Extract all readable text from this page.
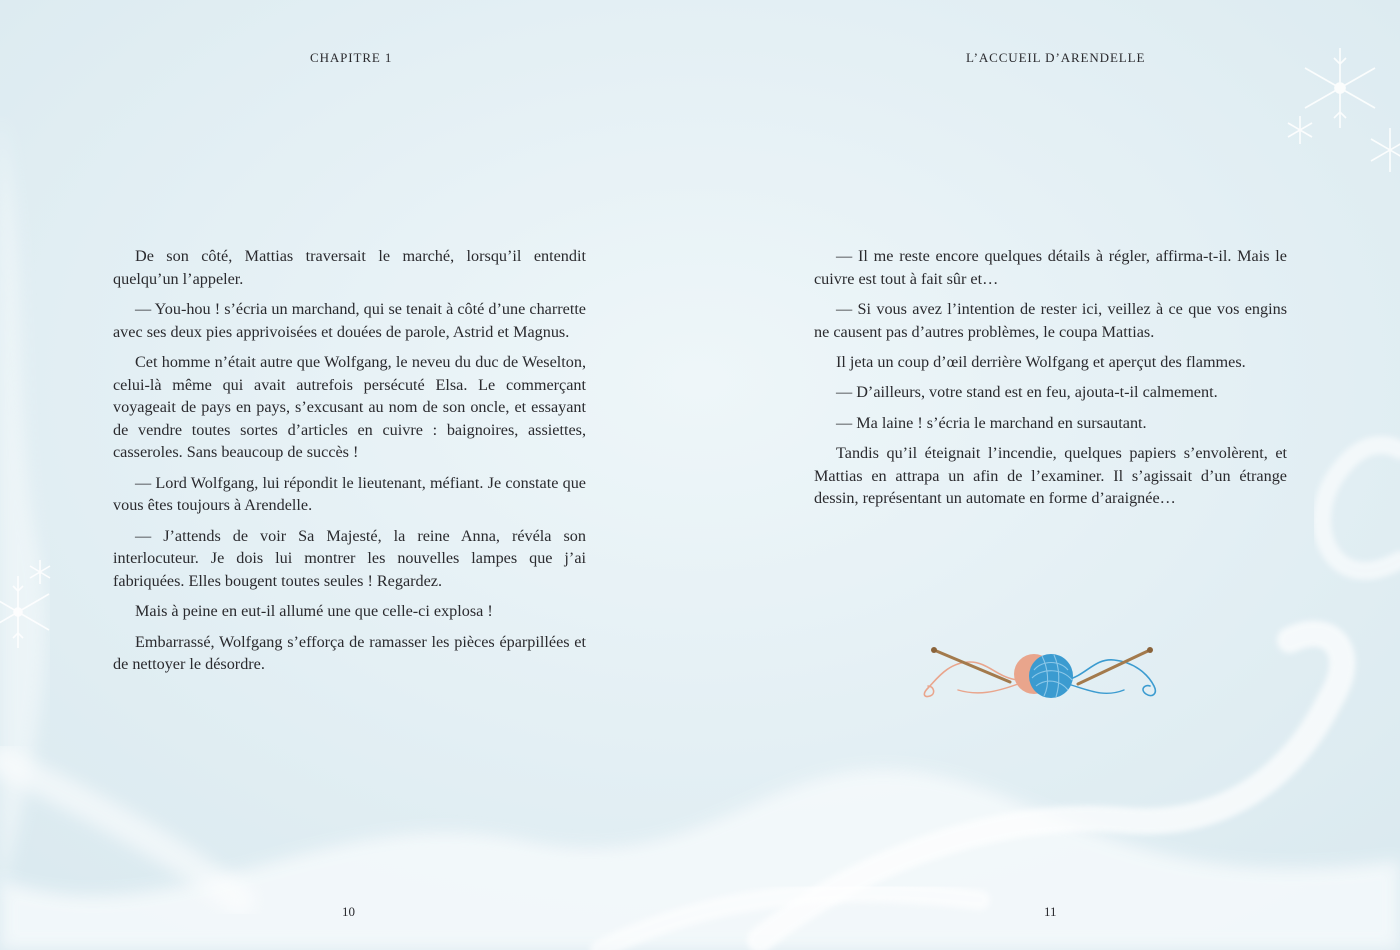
CHAPITRE 1

De son côté, Mattias traversait le marché, lorsqu’il entendit quelqu’un l’appeler.

— You-hou ! s’écria un marchand, qui se tenait à côté d’une charrette avec ses deux pies apprivoisées et douées de parole, Astrid et Magnus.

Cet homme n’était autre que Wolfgang, le neveu du duc de Weselton, celui-là même qui avait autrefois persécuté Elsa. Le commerçant voyageait de pays en pays, s’excusant au nom de son oncle, et essayant de vendre toutes sortes d’articles en cuivre : baignoires, assiettes, casseroles. Sans beaucoup de succès !

— Lord Wolfgang, lui répondit le lieutenant, méfiant. Je constate que vous êtes toujours à Arendelle.

— J’attends de voir Sa Majesté, la reine Anna, révéla son interlocuteur. Je dois lui montrer les nouvelles lampes que j’ai fabriquées. Elles bougent toutes seules ! Regardez.

Mais à peine en eut-il allumé une que celle-ci explosa !

Embarrassé, Wolfgang s’efforça de ramasser les pièces éparpillées et de nettoyer le désordre.

10
L’ACCUEIL D’ARENDELLE

— Il me reste encore quelques détails à régler, affirma-t-il. Mais le cuivre est tout à fait sûr et…

— Si vous avez l’intention de rester ici, veillez à ce que vos engins ne causent pas d’autres problèmes, le coupa Mattias.

Il jeta un coup d’œil derrière Wolfgang et aperçut des flammes.

— D’ailleurs, votre stand est en feu, ajouta-t-il calmement.

— Ma laine ! s’écria le marchand en sursautant.

Tandis qu’il éteignait l’incendie, quelques papiers s’envolèrent, et Mattias en attrapa un afin de l’examiner. Il s’agissait d’un étrange dessin, représentant un automate en forme d’araignée…

11
